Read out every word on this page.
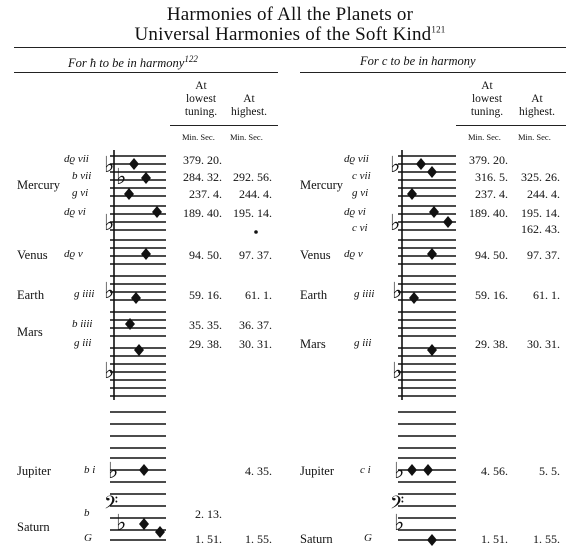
Harmonies of All the Planets or
Universal Harmonies of the Soft Kind$^{121}$
For ħ to be in harmony$^{122}$	For c to be in harmony
At
lowest
tuning.
At
highest.
Min. Sec. Min. Sec.
At
lowest
tuning.
At
highest.
Min. Sec. Min. Sec.
♭ ♭
♭
♭
♭
♭
𝄢
♭
♭
♭
♭
♭
♭
𝄢
♭
Mercury
Venus
Earth
Mars
Jupiter
Saturn
dϱ vii
b vii
g vi
dϱ vi
dϱ v
g iiii
b iiii
g iii
b i
b
G
379. 20.
284. 32.
237. 4.
189. 40.
94. 50.
59. 16.
35. 35.
29. 38.
2. 13.
1. 51.
292. 56.
244. 4.
195. 14.
97. 37.
61. 1.
36. 37.
30. 31.
4. 35.
1. 55.
Mercury
Venus
Earth
Mars
Jupiter
Saturn
dϱ vii
c vii
g vi
dϱ vi
c vi
dϱ v
g iiii
g iii
c i
G
379. 20.
316. 5.
237. 4.
189. 40.
94. 50.
59. 16.
29. 38.
4. 56.
1. 51.
325. 26.
244. 4.
195. 14.
162. 43.
97. 37.
61. 1.
30. 31.
5. 5.
1. 55.
